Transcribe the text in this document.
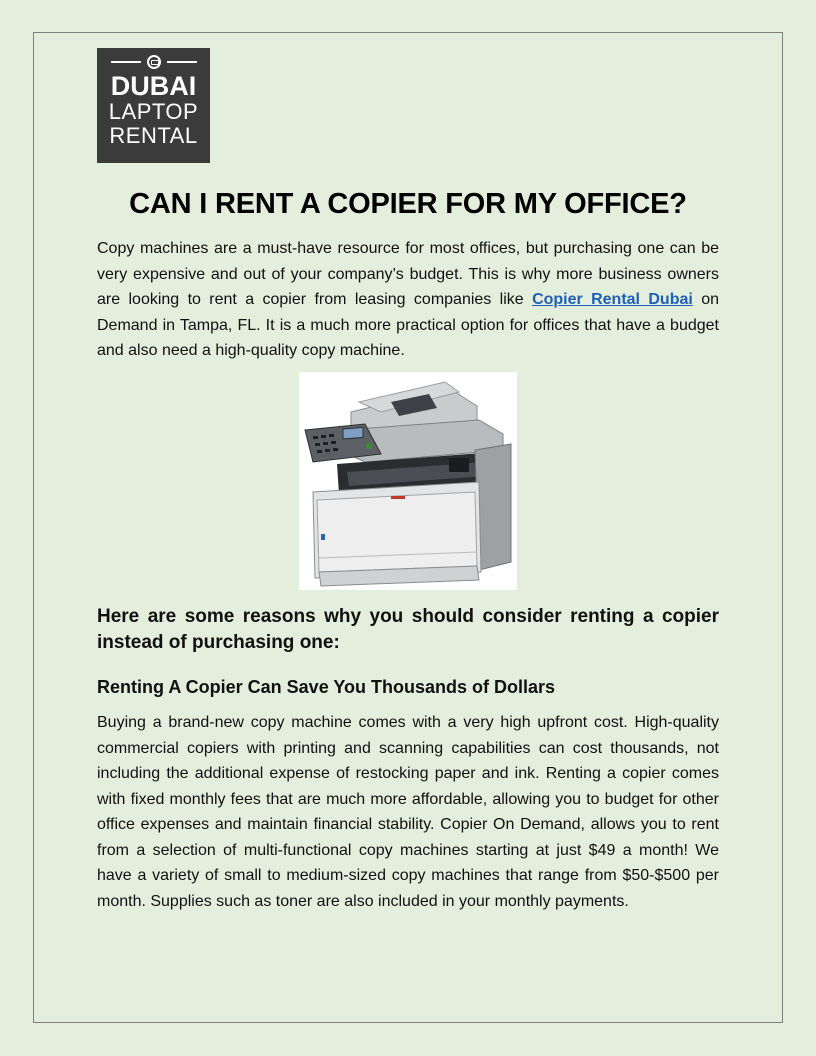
DUBAI
LAPTOP
RENTAL
CAN I RENT A COPIER FOR MY OFFICE?

Copy machines are a must-have resource for most offices, but purchasing one can be very expensive and out of your company’s budget. This is why more business owners are looking to rent a copier from leasing companies like Copier Rental Dubai on Demand in Tampa, FL. It is a much more practical option for offices that have a budget and also need a high-quality copy machine.

Here are some reasons why you should consider renting a copier instead of purchasing one:
Renting A Copier Can Save You Thousands of Dollars

Buying a brand-new copy machine comes with a very high upfront cost. High-quality commercial copiers with printing and scanning capabilities can cost thousands, not including the additional expense of restocking paper and ink. Renting a copier comes with fixed monthly fees that are much more affordable, allowing you to budget for other office expenses and maintain financial stability. Copier On Demand, allows you to rent from a selection of multi-functional copy machines starting at just $49 a month! We have a variety of small to medium-sized copy machines that range from $50-$500 per month. Supplies such as toner are also included in your monthly payments.
